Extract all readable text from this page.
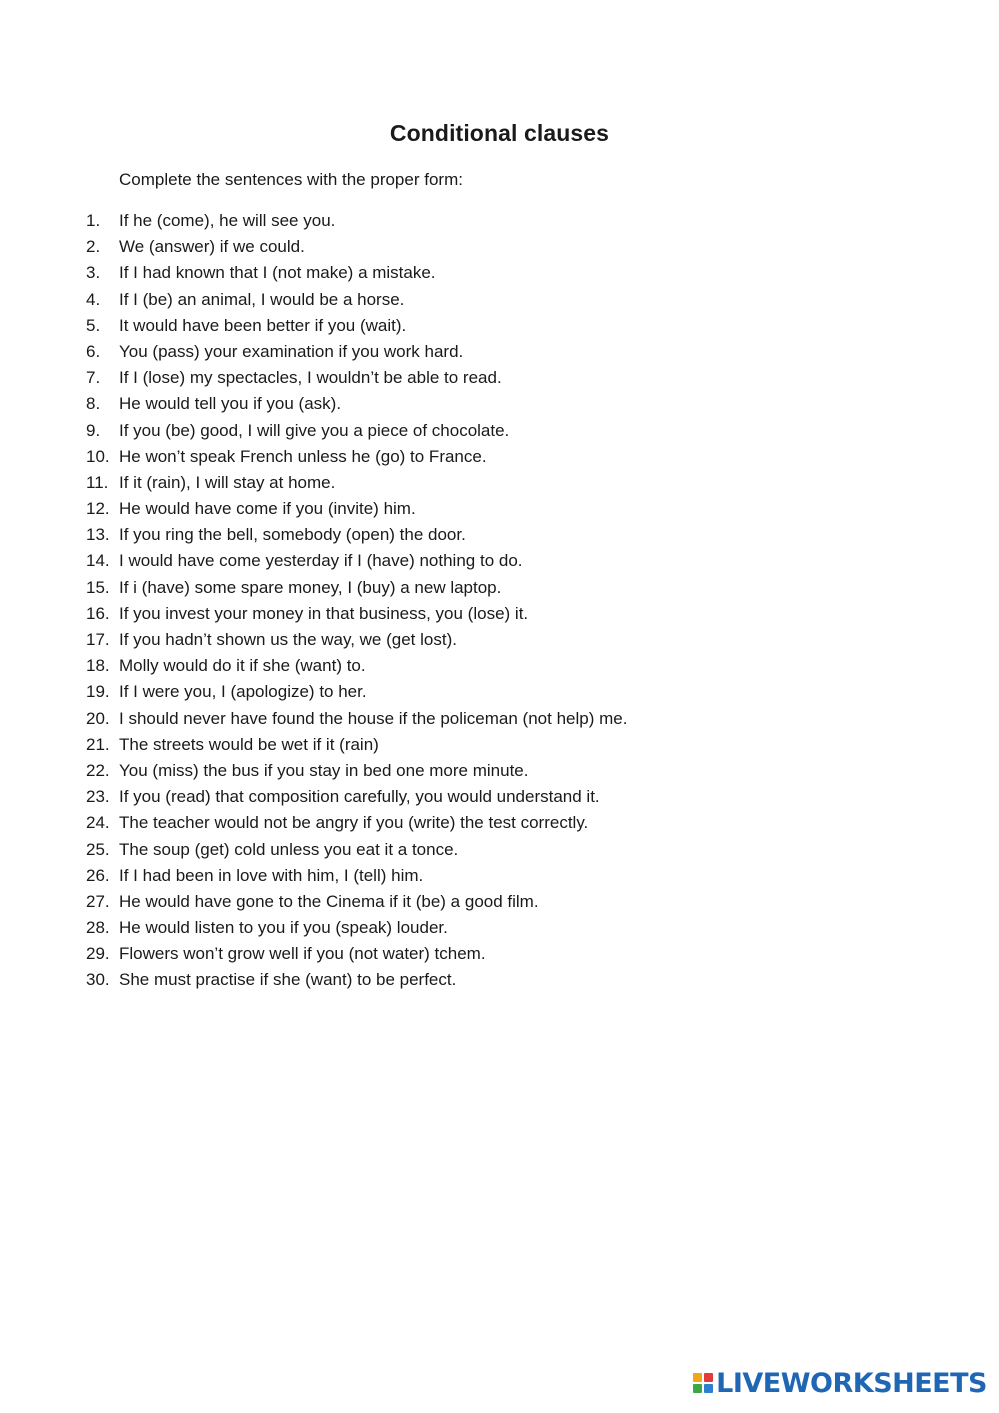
Conditional clauses
Complete the sentences with the proper form:
1.	If he (come), he will see you.
2.	We (answer) if we could.
3.	If I had known that I (not make) a mistake.
4.	If I (be) an animal, I would be a horse.
5.	It would have been better if you (wait).
6.	You (pass) your examination if you work hard.
7.	If I (lose) my spectacles, I wouldn’t be able to read.
8.	He would tell you if you (ask).
9.	If you (be) good, I will give you a piece of chocolate.
10. He won’t speak French unless he (go) to France.
11. If it (rain), I will stay at home.
12. He would have come if you (invite) him.
13. If you ring the bell, somebody (open) the door.
14. I would have come yesterday if I (have) nothing to do.
15. If i (have) some spare money, I (buy) a new laptop.
16. If you invest your money in that business, you (lose) it.
17. If you hadn’t shown us the way, we (get lost).
18. Molly would do it if she (want) to.
19. If I were you, I (apologize) to her.
20. I should never have found the house if the policeman (not help) me.
21. The streets would be wet if it (rain)
22. You (miss) the bus if you stay in bed one more minute.
23. If you (read) that composition carefully, you would understand it.
24. The teacher would not be angry if you (write) the test correctly.
25. The soup (get) cold unless you eat it a tonce.
26. If I had been in love with him, I (tell) him.
27. He would have gone to the Cinema if it (be) a good film.
28. He would listen to you if you (speak) louder.
29. Flowers won’t grow well if you (not water) tchem.
30. She must practise if she (want) to be perfect.
LIVEWORKSHEETS
